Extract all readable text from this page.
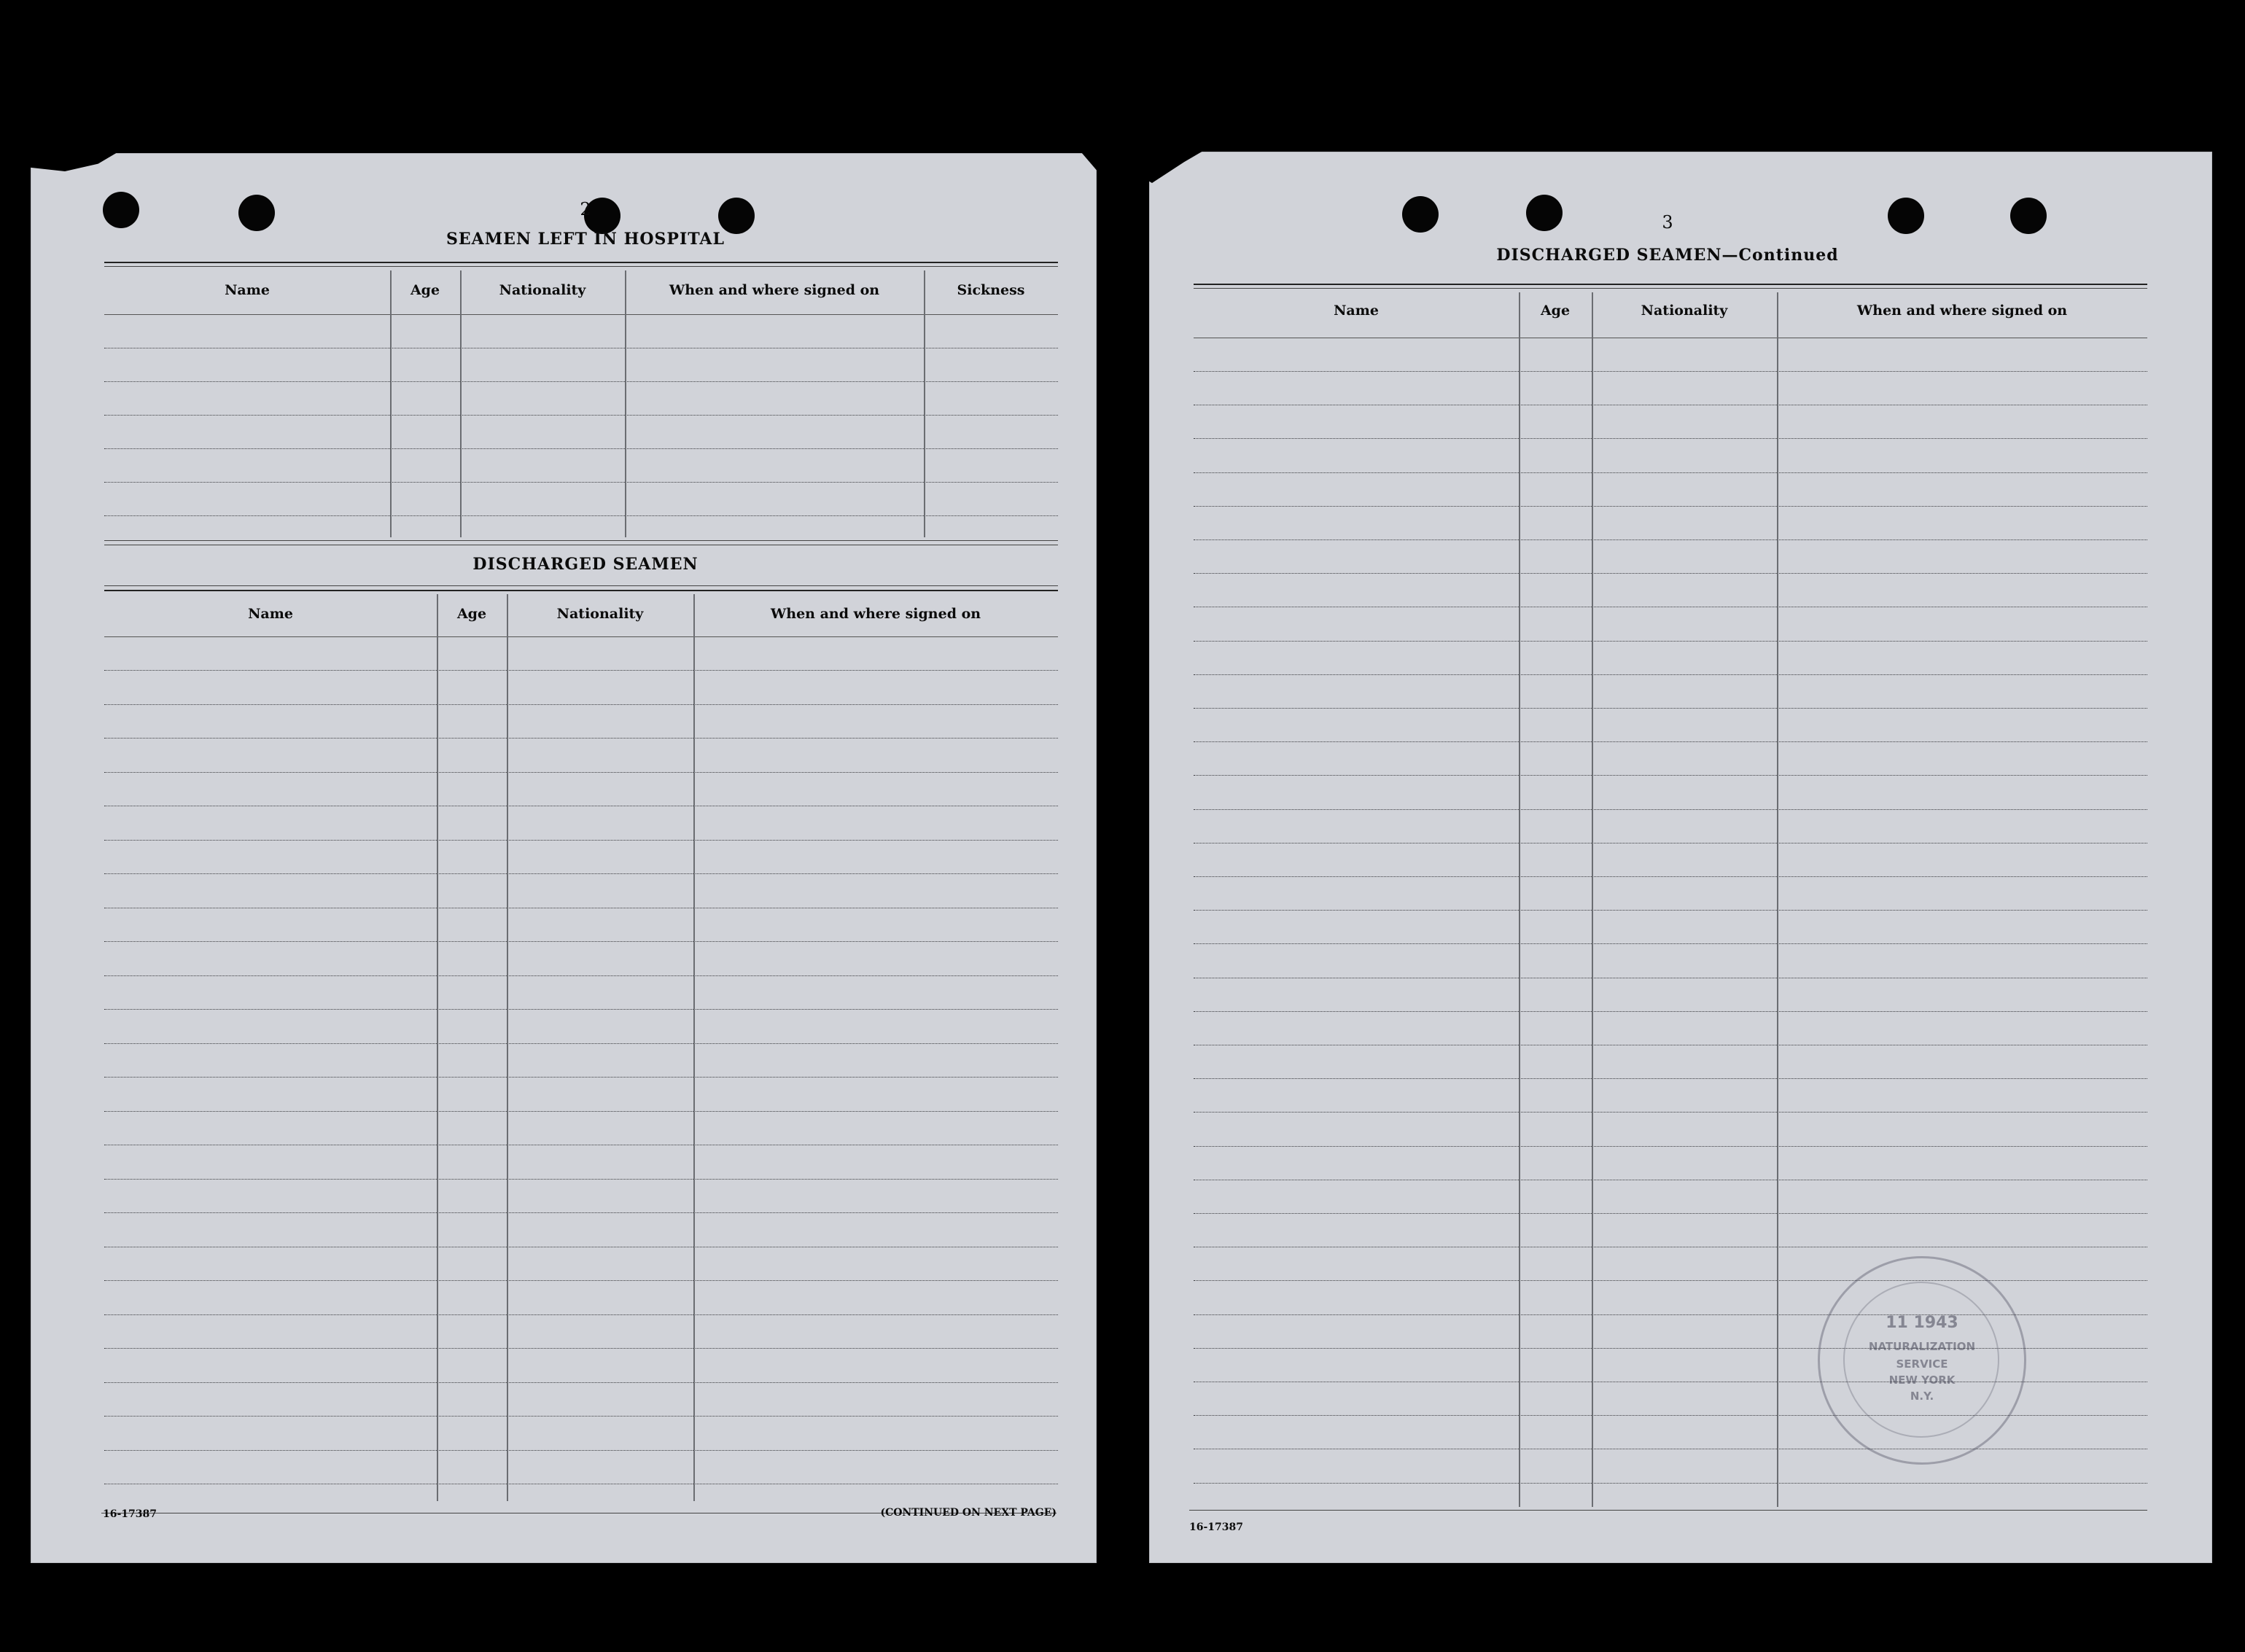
2
SEAMEN LEFT IN HOSPITAL
Name	Age	Nationality	When and where signed on	Sickness
DISCHARGED SEAMEN
Name	Age	Nationality	When and where signed on
16-17387	(CONTINUED ON NEXT PAGE)
3
DISCHARGED SEAMEN—Continued
Name	Age	Nationality	When and where signed on
16-17387
11 1943
NATURALIZATION
SERVICE
NEW YORK
N.Y.
